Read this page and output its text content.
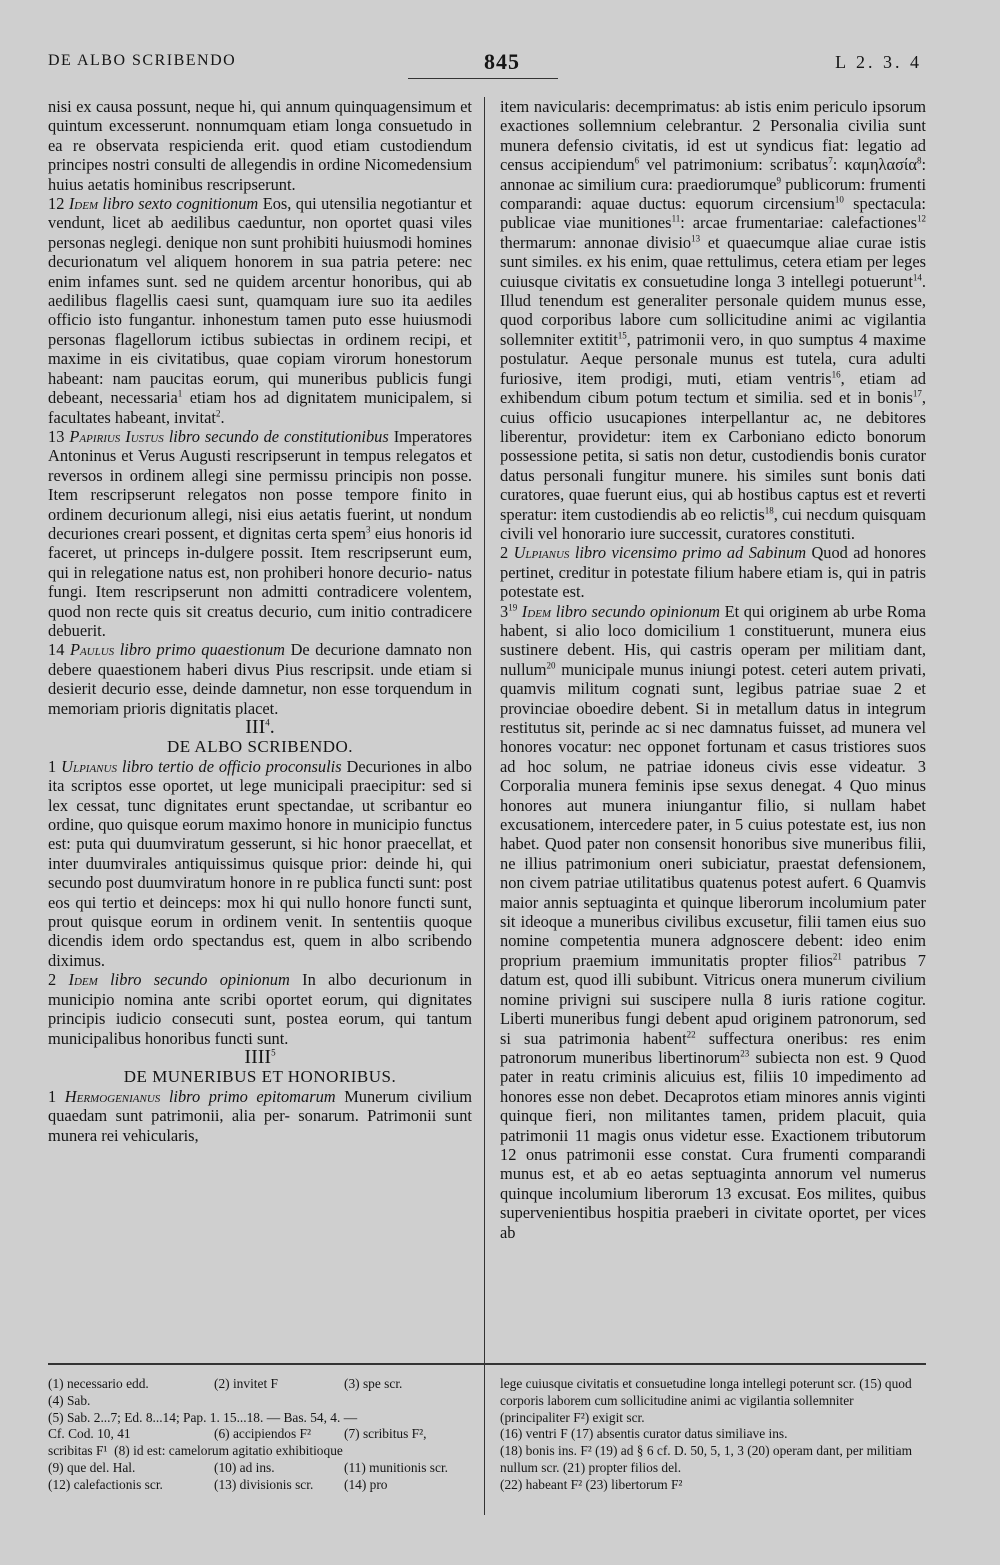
DE ALBO SCRIBENDO	845	L 2. 3. 4

nisi ex causa possunt, neque hi, qui annum quinquagensimum et quintum excesserunt. nonnumquam etiam longa consuetudo in ea re observata respicienda erit. quod etiam custodiendum principes nostri consulti de allegendis in ordine Nicomedensium huius aetatis hominibus rescripserunt.

12 Idem libro sexto cognitionum Eos, qui utensilia negotiantur et vendunt, licet ab aedilibus caeduntur, non oportet quasi viles personas neglegi. denique non sunt prohibiti huiusmodi homines decurionatum vel aliquem honorem in sua patria petere: nec enim infames sunt. sed ne quidem arcentur honoribus, qui ab aedilibus flagellis caesi sunt, quamquam iure suo ita aediles officio isto fungantur. inhonestum tamen puto esse huiusmodi personas flagellorum ictibus subiectas in ordinem recipi, et maxime in eis civitatibus, quae copiam virorum honestorum habeant: nam paucitas eorum, qui muneribus publicis fungi debeant, necessaria$^1$ etiam hos ad dignitatem municipalem, si facultates habeant, invitat$^2$.

13 Papirius Iustus libro secundo de constitutionibus Imperatores Antoninus et Verus Augusti rescripserunt in tempus relegatos et reversos in ordinem allegi sine permissu principis non posse. Item rescripserunt relegatos non posse tempore finito in ordinem decurionum allegi, nisi eius aetatis fuerint, ut nondum decuriones creari possent, et dignitas certa spem$^3$ eius honoris id faceret, ut princeps in-dulgere possit. Item rescripserunt eum, qui in relegatione natus est, non prohiberi honore decurio- natus fungi. Item rescripserunt non admitti contradicere volentem, quod non recte quis sit creatus decurio, cum initio contradicere debuerit.

14 Paulus libro primo quaestionum De decurione damnato non debere quaestionem haberi divus Pius rescripsit. unde etiam si desierit decurio esse, deinde damnetur, non esse torquendum in memoriam prioris dignitatis placet.

III$^4$.

DE ALBO SCRIBENDO.

1 Ulpianus libro tertio de officio proconsulis Decuriones in albo ita scriptos esse oportet, ut lege municipali praecipitur: sed si lex cessat, tunc dignitates erunt spectandae, ut scribantur eo ordine, quo quisque eorum maximo honore in municipio functus est: puta qui duumviratum gesserunt, si hic honor praecellat, et inter duumvirales antiquissimus quisque prior: deinde hi, qui secundo post duumviratum honore in re publica functi sunt: post eos qui tertio et deinceps: mox hi qui nullo honore functi sunt, prout quisque eorum in ordinem venit. In sententiis quoque dicendis idem ordo spectandus est, quem in albo scribendo diximus.

2 Idem libro secundo opinionum In albo decurionum in municipio nomina ante scribi oportet eorum, qui dignitates principis iudicio consecuti sunt, postea eorum, qui tantum municipalibus honoribus functi sunt.

IIII$^5$

DE MUNERIBUS ET HONORIBUS.

1 Hermogenianus libro primo epitomarum Munerum civilium quaedam sunt patrimonii, alia per- sonarum. Patrimonii sunt munera rei vehicularis,

item navicularis: decemprimatus: ab istis enim periculo ipsorum exactiones sollemnium celebrantur. 2 Personalia civilia sunt munera defensio civitatis, id est ut syndicus fiat: legatio ad census accipiendum$^6$ vel patrimonium: scribatus$^7$: καμηλασία$^8$: annonae ac similium cura: praediorumque$^9$ publicorum: frumenti comparandi: aquae ductus: equorum circensium$^{10}$ spectacula: publicae viae munitiones$^{11}$: arcae frumentariae: calefactiones$^{12}$ thermarum: annonae divisio$^{13}$ et quaecumque aliae curae istis sunt similes. ex his enim, quae rettulimus, cetera etiam per leges cuiusque civitatis ex consuetudine longa 3 intellegi potuerunt$^{14}$. Illud tenendum est generaliter personale quidem munus esse, quod corporibus labore cum sollicitudine animi ac vigilantia sollemniter extitit$^{15}$, patrimonii vero, in quo sumptus 4 maxime postulatur. Aeque personale munus est tutela, cura adulti furiosive, item prodigi, muti, etiam ventris$^{16}$, etiam ad exhibendum cibum potum tectum et similia. sed et in bonis$^{17}$, cuius officio usucapiones interpellantur ac, ne debitores liberentur, providetur: item ex Carboniano edicto bonorum possessione petita, si satis non detur, custodiendis bonis curator datus personali fungitur munere. his similes sunt bonis dati curatores, quae fuerunt eius, qui ab hostibus captus est et reverti speratur: item custodiendis ab eo relictis$^{18}$, cui necdum quisquam civili vel honorario iure successit, curatores constituti.

2 Ulpianus libro vicensimo primo ad Sabinum Quod ad honores pertinet, creditur in potestate filium habere etiam is, qui in patris potestate est.

$3^{19}$ Idem libro secundo opinionum Et qui originem ab urbe Roma habent, si alio loco domicilium 1 constituerunt, munera eius sustinere debent. His, qui castris operam per militiam dant, nullum$^{20}$ municipale munus iniungi potest. ceteri autem privati, quamvis militum cognati sunt, legibus patriae suae 2 et provinciae oboedire debent. Si in metallum datus in integrum restitutus sit, perinde ac si nec damnatus fuisset, ad munera vel honores vocatur: nec opponet fortunam et casus tristiores suos ad hoc solum, ne patriae idoneus civis esse videatur. 3 Corporalia munera feminis ipse sexus denegat. 4 Quo minus honores aut munera iniungantur filio, si nullam habet excusationem, intercedere pater, in 5 cuius potestate est, ius non habet. Quod pater non consensit honoribus sive muneribus filii, ne illius patrimonium oneri subiciatur, praestat defensionem, non civem patriae utilitatibus quatenus potest aufert. 6 Quamvis maior annis septuaginta et quinque liberorum incolumium pater sit ideoque a muneribus civilibus excusetur, filii tamen eius suo nomine competentia munera adgnoscere debent: ideo enim proprium praemium immunitatis propter filios$^{21}$ patribus 7 datum est, quod illi subibunt. Vitricus onera munerum civilium nomine privigni sui suscipere nulla 8 iuris ratione cogitur. Liberti muneribus fungi debent apud originem patronorum, sed si sua patrimonia habent$^{22}$ suffectura oneribus: res enim patronorum muneribus libertinorum$^{23}$ subiecta non est. 9 Quod pater in reatu criminis alicuius est, filiis 10 impedimento ad honores esse non debet. Decaprotos etiam minores annis viginti quinque fieri, non militantes tamen, pridem placuit, quia patrimonii 11 magis onus videtur esse. Exactionem tributorum 12 onus patrimonii esse constat. Cura frumenti comparandi munus est, et ab eo aetas septuaginta annorum vel numerus quinque incolumium liberorum 13 excusat. Eos milites, quibus supervenientibus hospitia praeberi in civitate oportet, per vices ab

(1) necessario edd.	(2) invitet F	(3) spe scr.
(4) Sab.
(5) Sab. 2...7; Ed. 8...14; Pap. 1. 15...18. — Bas. 54, 4. —
Cf. Cod. 10, 41	(6) accipiendos F² (7) scribitus F²,
scribitas F¹ (8) id est: camelorum agitatio exhibitioque
(9) que del. Hal.	(10) ad ins.	(11) munitionis scr.
(12) calefactionis scr.	(13) divisionis scr. (14) pro
lege cuiusque civitatis et consuetudine longa intellegi poterunt scr. (15) quod corporis laborem cum sollicitudine animi ac vigilantia sollemniter (principaliter F²) exigit scr.
(16) ventri F (17) absentis curator datus similiave ins.
(18) bonis ins. F² (19) ad § 6 cf. D. 50, 5, 1, 3 (20) operam dant, per militiam nullum scr. (21) propter filios del.
(22) habeant F² (23) libertorum F²
